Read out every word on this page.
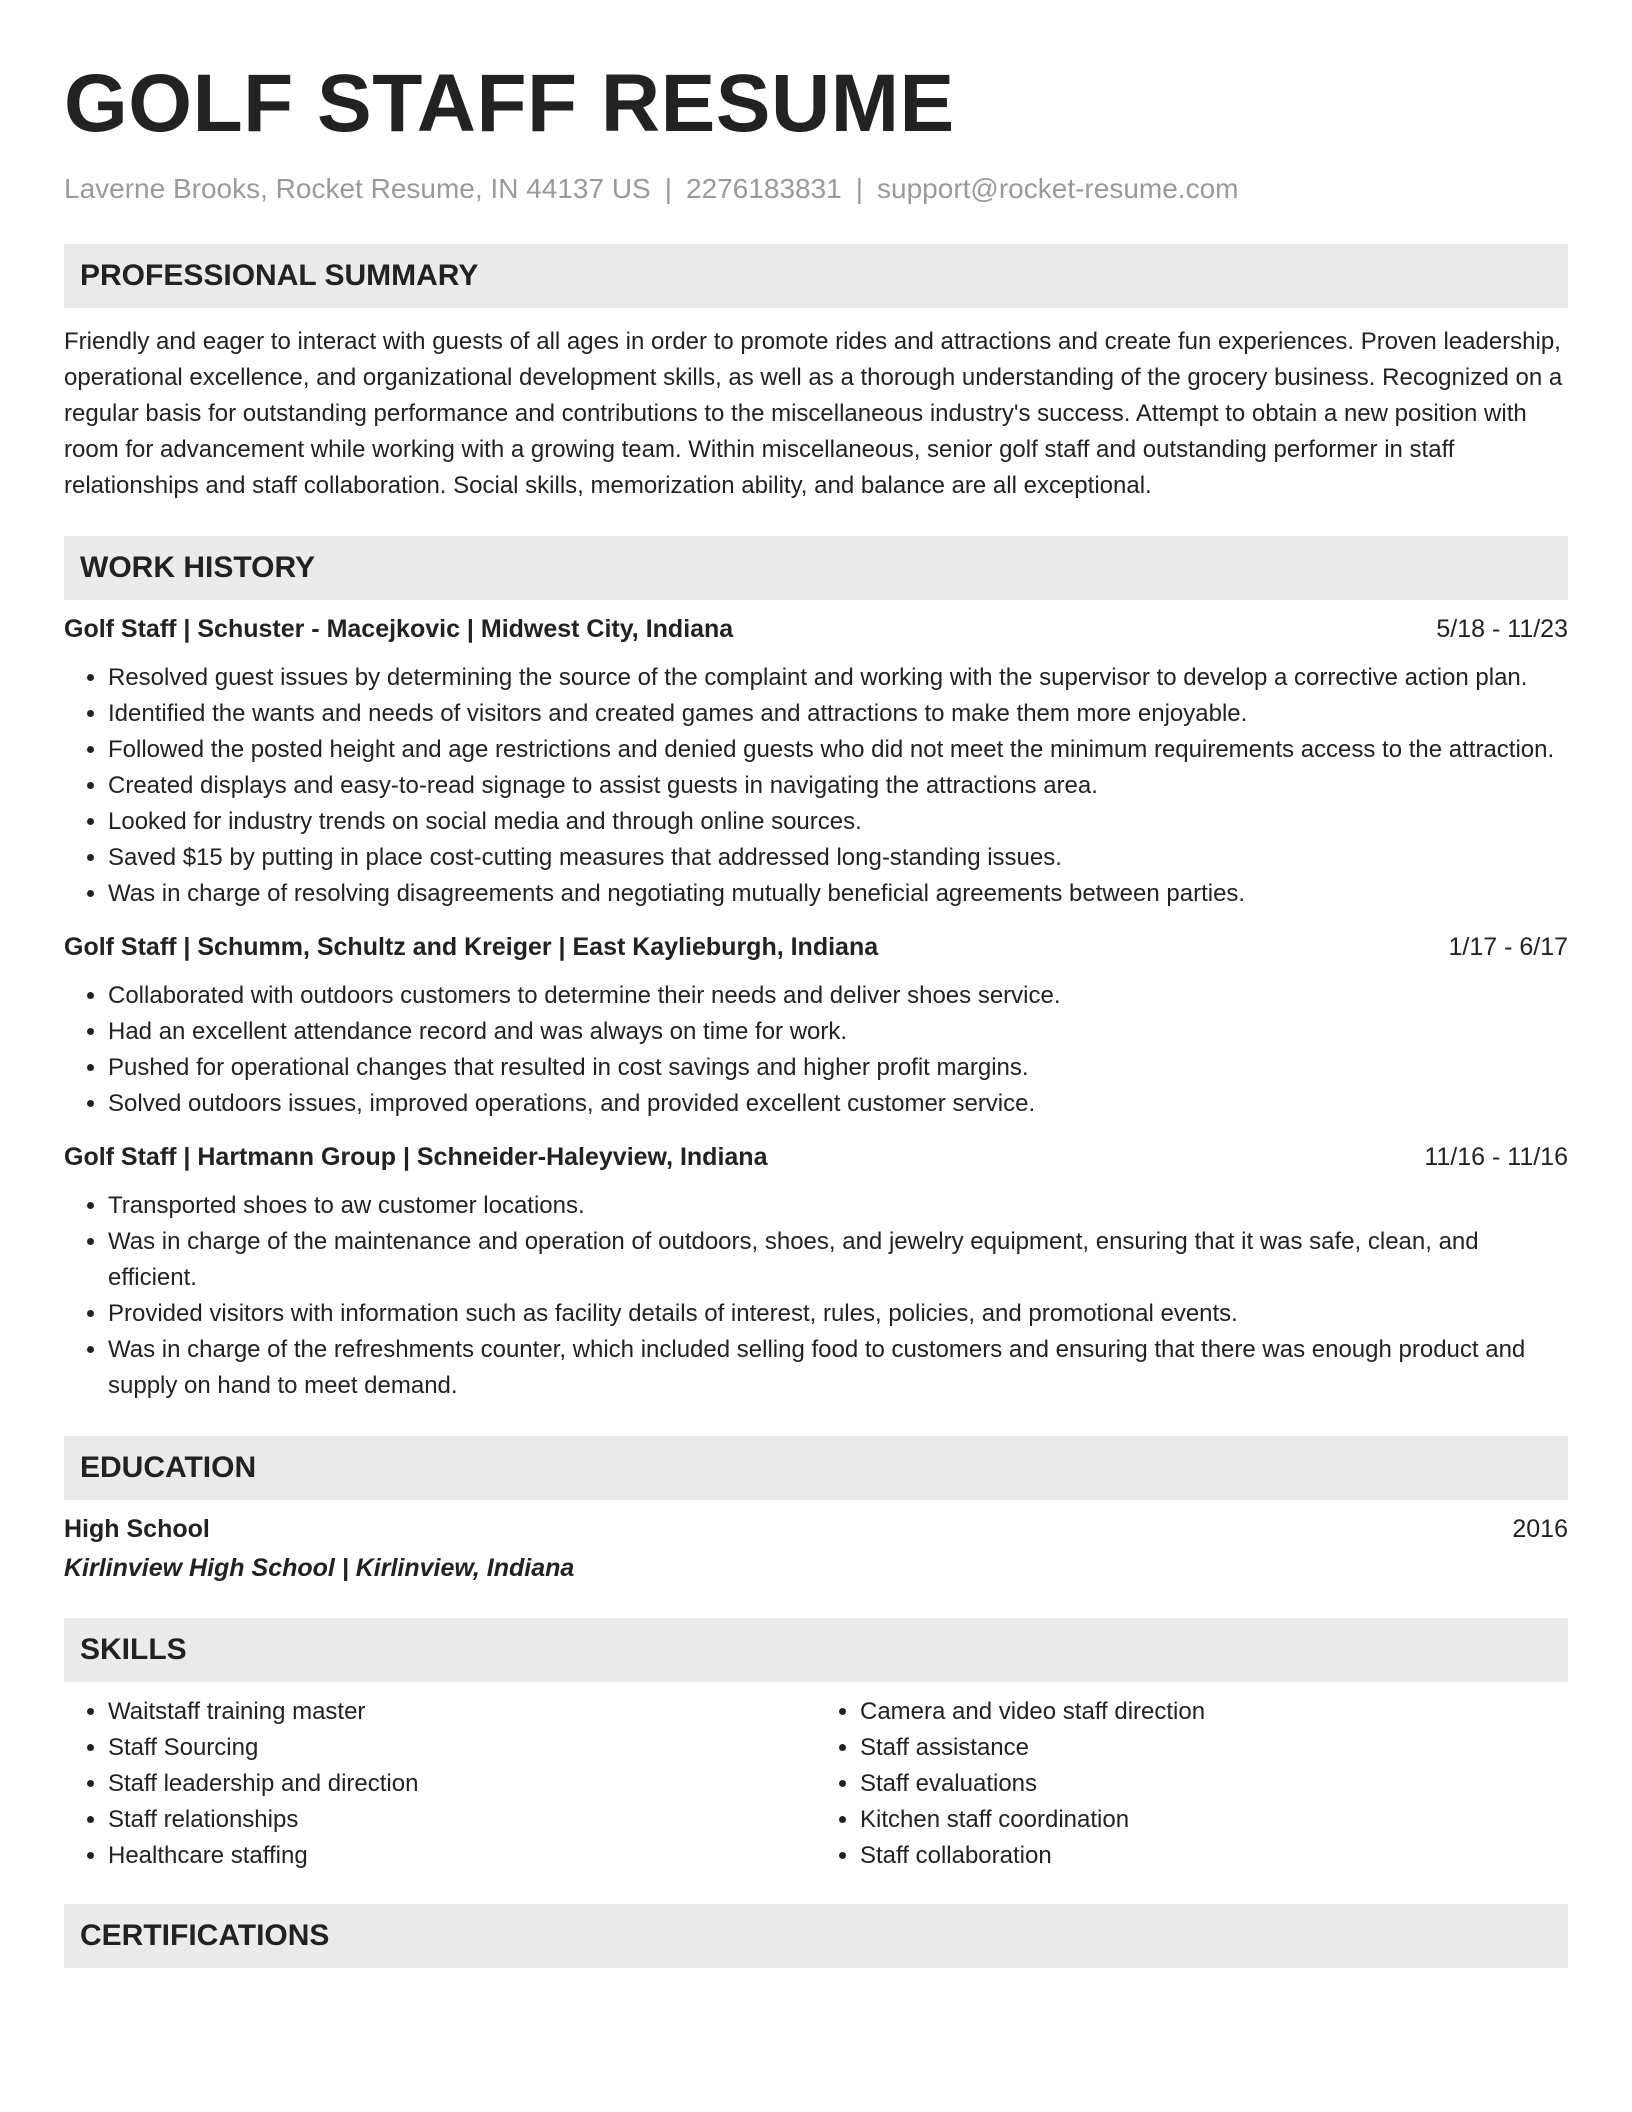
GOLF STAFF RESUME
Laverne Brooks, Rocket Resume, IN 44137 US | 2276183831 | support@rocket-resume.com
PROFESSIONAL SUMMARY

Friendly and eager to interact with guests of all ages in order to promote rides and attractions and create fun experiences. Proven leadership, operational excellence, and organizational development skills, as well as a thorough understanding of the grocery business. Recognized on a regular basis for outstanding performance and contributions to the miscellaneous industry's success. Attempt to obtain a new position with room for advancement while working with a growing team. Within miscellaneous, senior golf staff and outstanding performer in staff relationships and staff collaboration. Social skills, memorization ability, and balance are all exceptional.

WORK HISTORY
Golf Staff | Schuster - Macejkovic | Midwest City, Indiana	5/18 - 11/23
• Resolved guest issues by determining the source of the complaint and working with the supervisor to develop a corrective action plan.
• Identified the wants and needs of visitors and created games and attractions to make them more enjoyable.
• Followed the posted height and age restrictions and denied guests who did not meet the minimum requirements access to the attraction.
• Created displays and easy-to-read signage to assist guests in navigating the attractions area.
• Looked for industry trends on social media and through online sources.
• Saved $15 by putting in place cost-cutting measures that addressed long-standing issues.
• Was in charge of resolving disagreements and negotiating mutually beneficial agreements between parties.
Golf Staff | Schumm, Schultz and Kreiger | East Kaylieburgh, Indiana	1/17 - 6/17
• Collaborated with outdoors customers to determine their needs and deliver shoes service.
• Had an excellent attendance record and was always on time for work.
• Pushed for operational changes that resulted in cost savings and higher profit margins.
• Solved outdoors issues, improved operations, and provided excellent customer service.
Golf Staff | Hartmann Group | Schneider-Haleyview, Indiana	11/16 - 11/16
• Transported shoes to aw customer locations.
• Was in charge of the maintenance and operation of outdoors, shoes, and jewelry equipment, ensuring that it was safe, clean, and efficient.
• Provided visitors with information such as facility details of interest, rules, policies, and promotional events.
• Was in charge of the refreshments counter, which included selling food to customers and ensuring that there was enough product and supply on hand to meet demand.
EDUCATION
High School	2016
Kirlinview High School | Kirlinview, Indiana
SKILLS
• Waitstaff training master
• Staff Sourcing
• Staff leadership and direction
• Staff relationships
• Healthcare staffing
• Camera and video staff direction
• Staff assistance
• Staff evaluations
• Kitchen staff coordination
• Staff collaboration
CERTIFICATIONS
